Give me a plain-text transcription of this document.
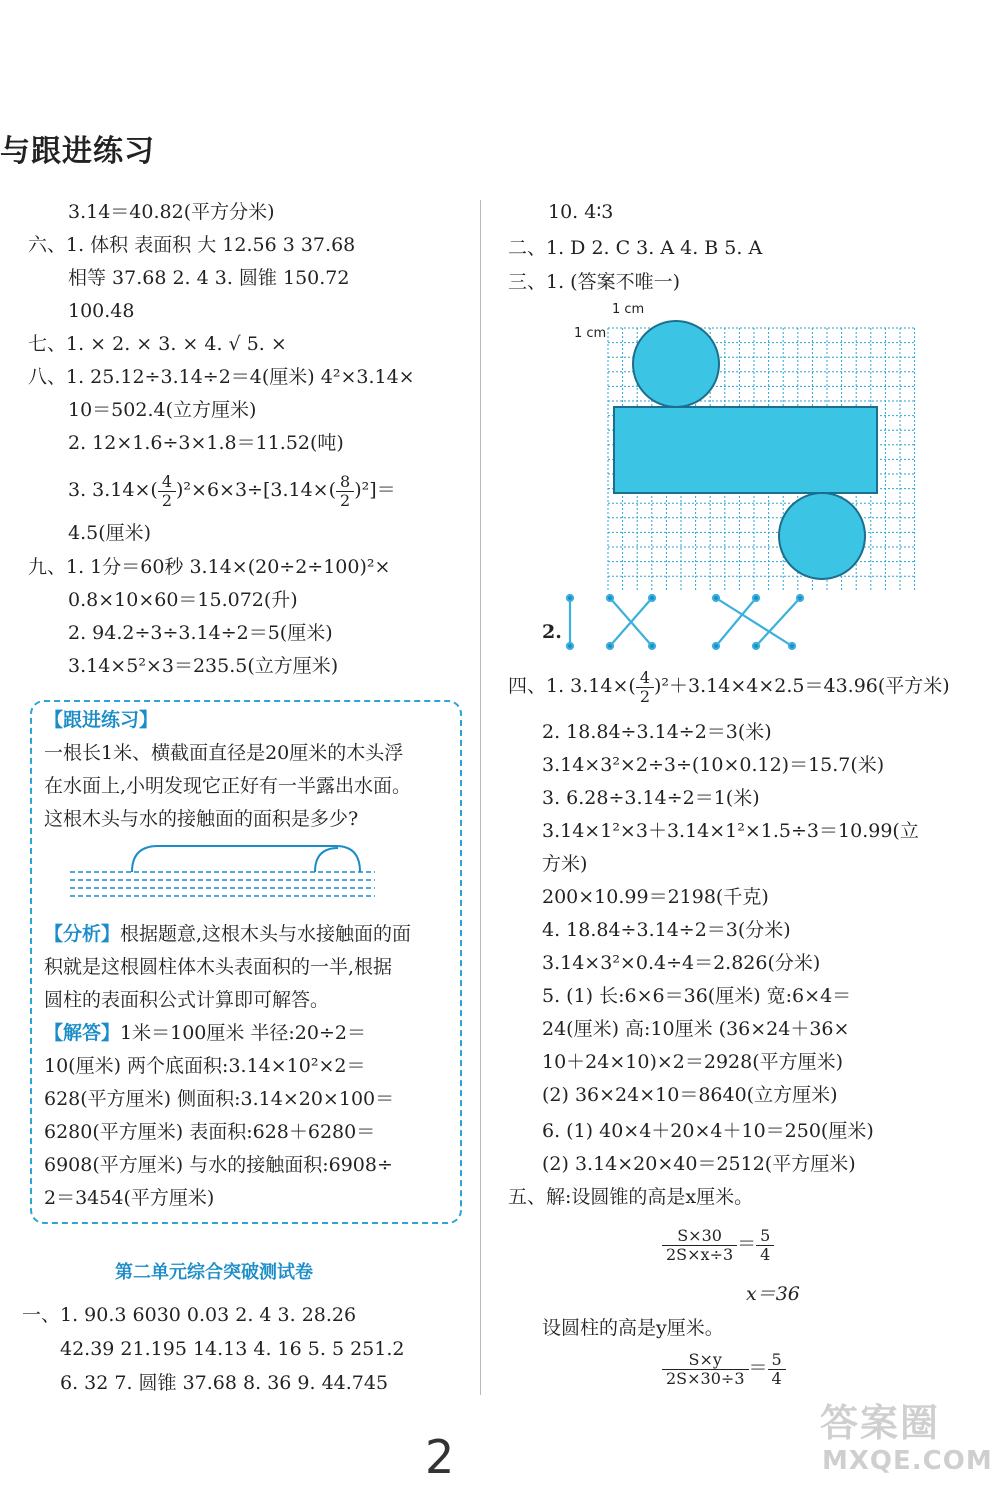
与跟进练习
3.14＝40.82(平方分米)
六、1. 体积 表面积 大 12.56 3 37.68
相等 37.68 2. 4 3. 圆锥 150.72
100.48
七、1. × 2. × 3. × 4. √ 5. ×
八、1. 25.12÷3.14÷2＝4(厘米) 4²×3.14×
10＝502.4(立方厘米)
2. 12×1.6÷3×1.8＝11.52(吨)
3. $3.14\times( \frac{4}{2} )^2\times 6\times 3\div[3.14\times( \frac{8}{2} )^2]=$
4.5(厘米)
九、1. 1分＝60秒 3.14×(20÷2÷100)²×
0.8×10×60＝15.072(升)
2. 94.2÷3÷3.14÷2＝5(厘米)
3.14×5²×3＝235.5(立方厘米)
【跟进练习】
一根长1米、横截面直径是20厘米的木头浮
在水面上,小明发现它正好有一半露出水面。
这根木头与水的接触面的面积是多少?
【分析】根据题意,这根木头与水接触面的面
积就是这根圆柱体木头表面积的一半,根据
圆柱的表面积公式计算即可解答。
【解答】1米＝100厘米 半径:20÷2＝
10(厘米) 两个底面积:3.14×10²×2＝
628(平方厘米) 侧面积:3.14×20×100＝
6280(平方厘米) 表面积:628＋6280＝
6908(平方厘米) 与水的接触面积:6908÷
2＝3454(平方厘米)
第二单元综合突破测试卷
一、1. 90.3 6030 0.03 2. 4 3. 28.26
42.39 21.195 14.13 4. 16 5. 5 251.2
6. 32 7. 圆锥 37.68 8. 36 9. 44.745
10. 4∶3
二、1. D 2. C 3. A 4. B 5. A
三、1. (答案不唯一)
1 cm
1 cm
2.
四、1. $3.14\times( \frac{4}{2} )^2+3.14\times 4\times 2.5=43.96$(平方米)
2. 18.84÷3.14÷2＝3(米)
3.14×3²×2÷3÷(10×0.12)＝15.7(米)
3. 6.28÷3.14÷2＝1(米)
3.14×1²×3＋3.14×1²×1.5÷3＝10.99(立
方米)
200×10.99＝2198(千克)
4. 18.84÷3.14÷2＝3(分米)
3.14×3²×0.4÷4＝2.826(分米)
5. (1) 长:6×6＝36(厘米) 宽:6×4＝
24(厘米) 高:10厘米 (36×24＋36×
10＋24×10)×2＝2928(平方厘米)
(2) 36×24×10＝8640(立方厘米)
6. (1) 40×4＋20×4＋10＝250(厘米)
(2) 3.14×20×40＝2512(平方厘米)
五、解:设圆锥的高是x厘米。
$\frac{S\times 30}{2S\times x\div 3} = \frac{5}{4}$
x＝36
设圆柱的高是y厘米。
$\frac{S\times y}{2S\times 30\div 3} = \frac{5}{4}$
2
答案圈
MXQE.COM
